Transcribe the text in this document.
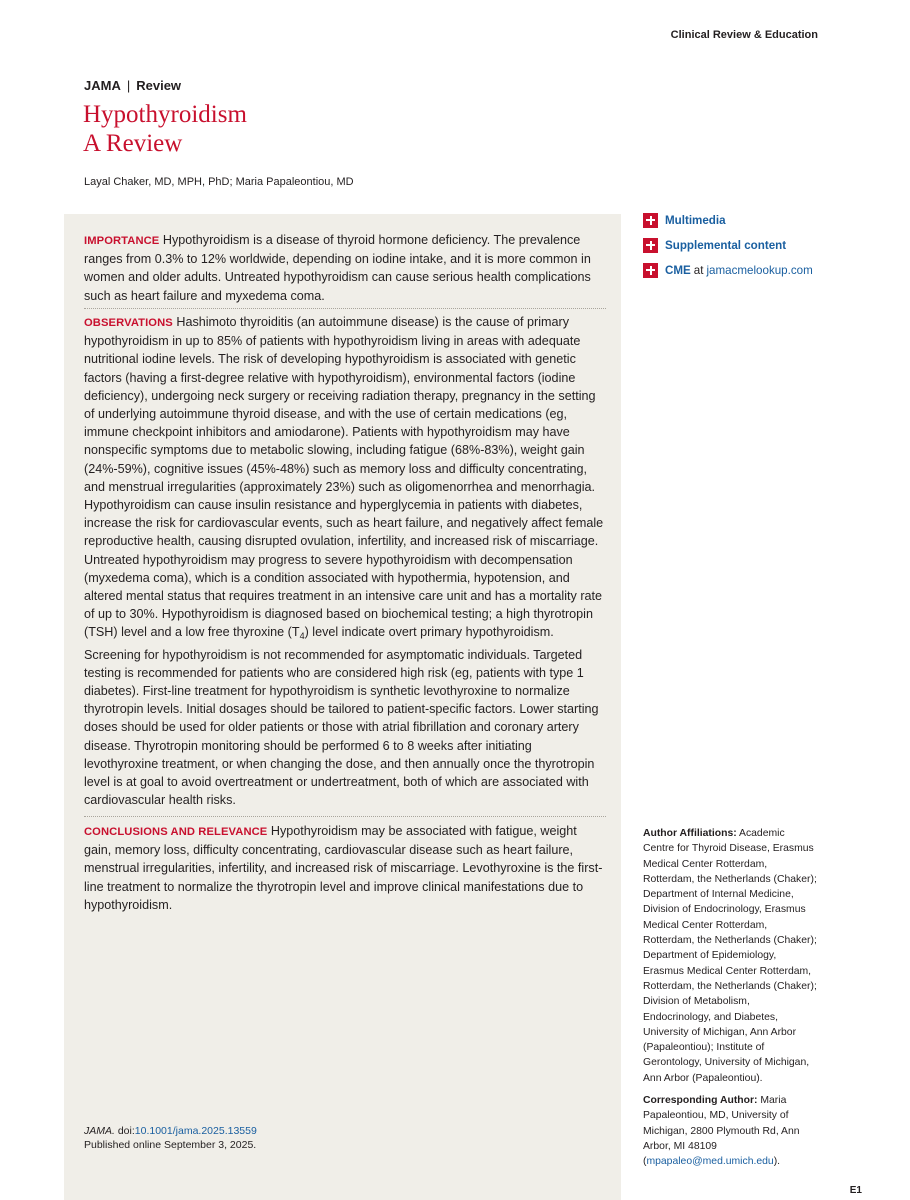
Clinical Review & Education
JAMA | Review
Hypothyroidism
A Review
Layal Chaker, MD, MPH, PhD; Maria Papaleontiou, MD
IMPORTANCE Hypothyroidism is a disease of thyroid hormone deficiency. The prevalence ranges from 0.3% to 12% worldwide, depending on iodine intake, and it is more common in women and older adults. Untreated hypothyroidism can cause serious health complications such as heart failure and myxedema coma.
OBSERVATIONS Hashimoto thyroiditis (an autoimmune disease) is the cause of primary hypothyroidism in up to 85% of patients with hypothyroidism living in areas with adequate nutritional iodine levels. The risk of developing hypothyroidism is associated with genetic factors (having a first-degree relative with hypothyroidism), environmental factors (iodine deficiency), undergoing neck surgery or receiving radiation therapy, pregnancy in the setting of underlying autoimmune thyroid disease, and with the use of certain medications (eg, immune checkpoint inhibitors and amiodarone). Patients with hypothyroidism may have nonspecific symptoms due to metabolic slowing, including fatigue (68%-83%), weight gain (24%-59%), cognitive issues (45%-48%) such as memory loss and difficulty concentrating, and menstrual irregularities (approximately 23%) such as oligomenorrhea and menorrhagia. Hypothyroidism can cause insulin resistance and hyperglycemia in patients with diabetes, increase the risk for cardiovascular events, such as heart failure, and negatively affect female reproductive health, causing disrupted ovulation, infertility, and increased risk of miscarriage. Untreated hypothyroidism may progress to severe hypothyroidism with decompensation (myxedema coma), which is a condition associated with hypothermia, hypotension, and altered mental status that requires treatment in an intensive care unit and has a mortality rate of up to 30%. Hypothyroidism is diagnosed based on biochemical testing; a high thyrotropin (TSH) level and a low free thyroxine $(T_4)$ level indicate overt primary hypothyroidism. Screening for hypothyroidism is not recommended for asymptomatic individuals. Targeted testing is recommended for patients who are considered high risk (eg, patients with type 1 diabetes). First-line treatment for hypothyroidism is synthetic levothyroxine to normalize thyrotropin levels. Initial dosages should be tailored to patient-specific factors. Lower starting doses should be used for older patients or those with atrial fibrillation and coronary artery disease. Thyrotropin monitoring should be performed 6 to 8 weeks after initiating levothyroxine treatment, or when changing the dose, and then annually once the thyrotropin level is at goal to avoid overtreatment or undertreatment, both of which are associated with cardiovascular health risks.
CONCLUSIONS AND RELEVANCE Hypothyroidism may be associated with fatigue, weight gain, memory loss, difficulty concentrating, cardiovascular disease such as heart failure, menstrual irregularities, infertility, and increased risk of miscarriage. Levothyroxine is the first-line treatment to normalize the thyrotropin level and improve clinical manifestations due to hypothyroidism.
JAMA. doi:10.1001/jama.2025.13559
Published online September 3, 2025.
Multimedia
Supplemental content
CME at jamacmelookup.com
Author Affiliations: Academic Centre for Thyroid Disease, Erasmus Medical Center Rotterdam, Rotterdam, the Netherlands (Chaker); Department of Internal Medicine, Division of Endocrinology, Erasmus Medical Center Rotterdam, Rotterdam, the Netherlands (Chaker); Department of Epidemiology, Erasmus Medical Center Rotterdam, Rotterdam, the Netherlands (Chaker); Division of Metabolism, Endocrinology, and Diabetes, University of Michigan, Ann Arbor (Papaleontiou); Institute of Gerontology, University of Michigan, Ann Arbor (Papaleontiou).
Corresponding Author: Maria Papaleontiou, MD, University of Michigan, 2800 Plymouth Rd, Ann Arbor, MI 48109 (mpapaleo@med.umich.edu).
E1
